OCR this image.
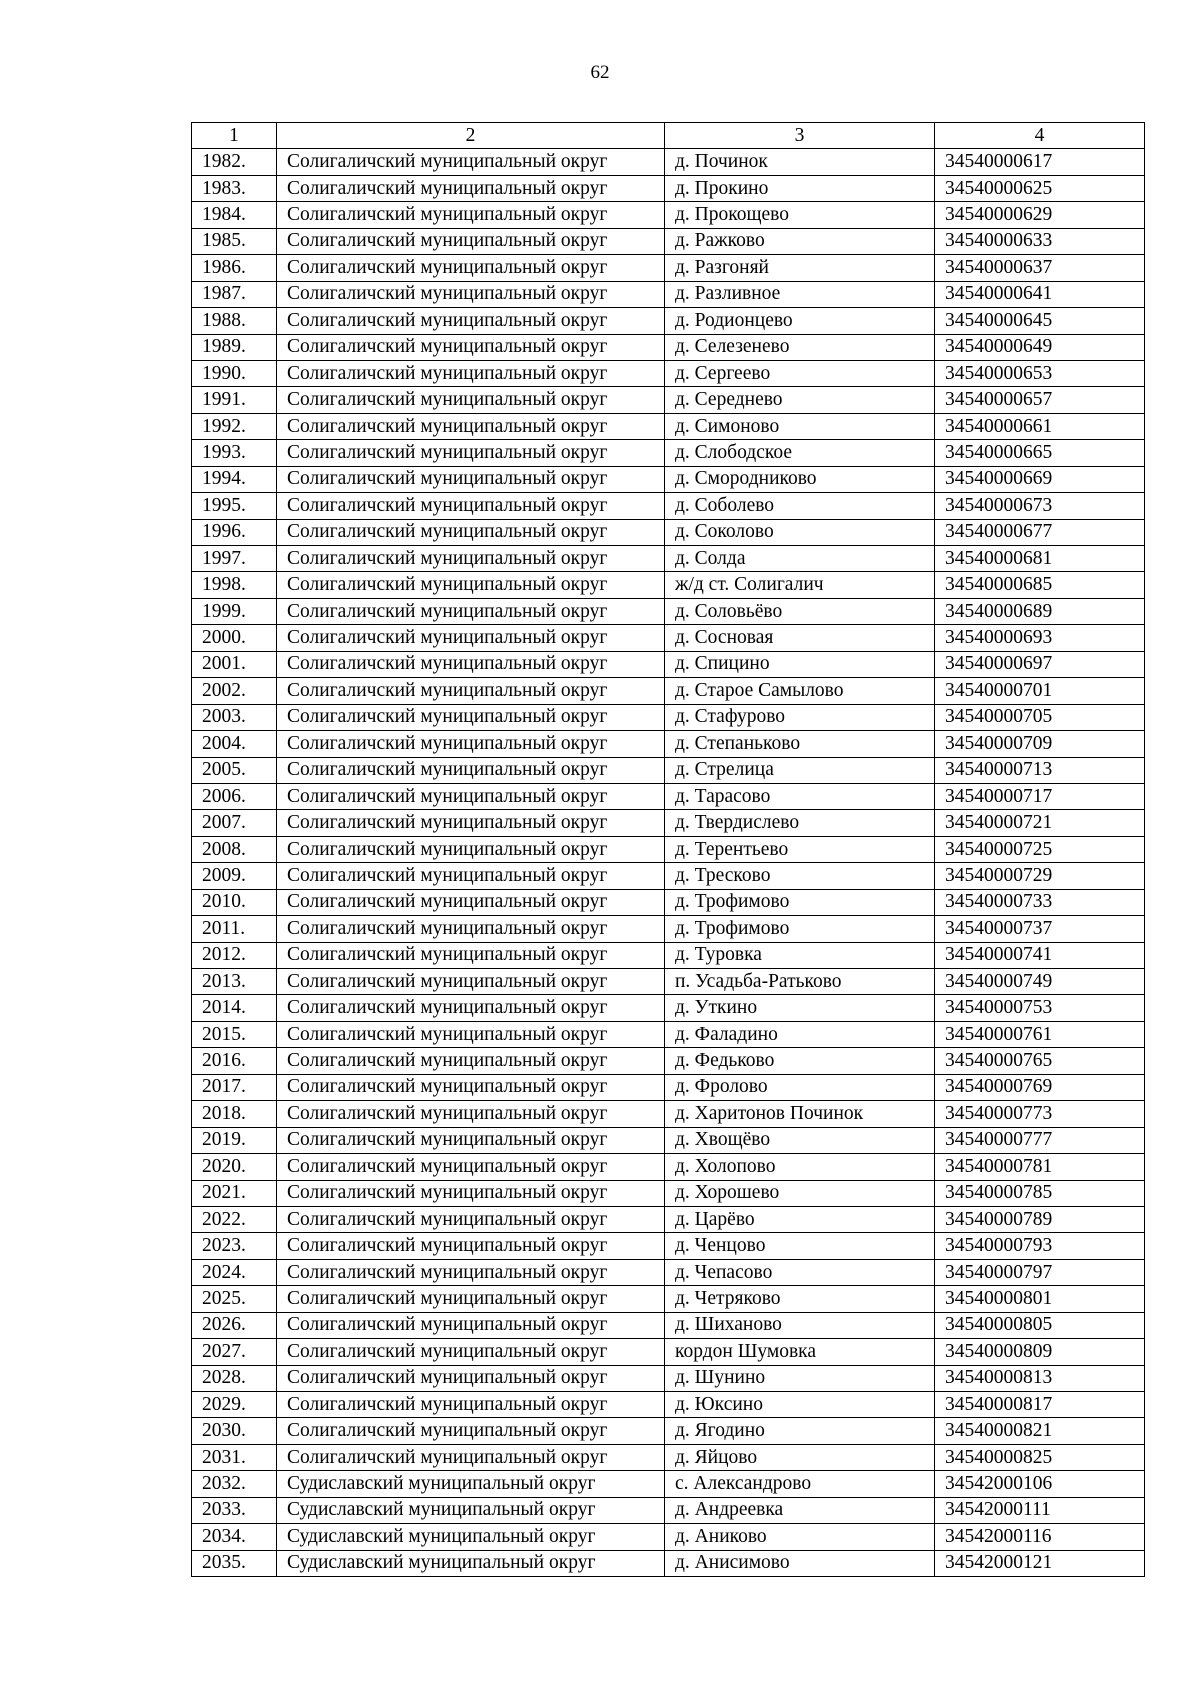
62
1	2	3	4
1982.	Солигаличский муниципальный округ	д. Починок	34540000617
1983.	Солигаличский муниципальный округ	д. Прокино	34540000625
1984.	Солигаличский муниципальный округ	д. Прокощево	34540000629
1985.	Солигаличский муниципальный округ	д. Ражково	34540000633
1986.	Солигаличский муниципальный округ	д. Разгоняй	34540000637
1987.	Солигаличский муниципальный округ	д. Разливное	34540000641
1988.	Солигаличский муниципальный округ	д. Родионцево	34540000645
1989.	Солигаличский муниципальный округ	д. Селезенево	34540000649
1990.	Солигаличский муниципальный округ	д. Сергеево	34540000653
1991.	Солигаличский муниципальный округ	д. Середнево	34540000657
1992.	Солигаличский муниципальный округ	д. Симоново	34540000661
1993.	Солигаличский муниципальный округ	д. Слободское	34540000665
1994.	Солигаличский муниципальный округ	д. Смородниково	34540000669
1995.	Солигаличский муниципальный округ	д. Соболево	34540000673
1996.	Солигаличский муниципальный округ	д. Соколово	34540000677
1997.	Солигаличский муниципальный округ	д. Солда	34540000681
1998.	Солигаличский муниципальный округ	ж/д ст. Солигалич	34540000685
1999.	Солигаличский муниципальный округ	д. Соловьёво	34540000689
2000.	Солигаличский муниципальный округ	д. Сосновая	34540000693
2001.	Солигаличский муниципальный округ	д. Спицино	34540000697
2002.	Солигаличский муниципальный округ	д. Старое Самылово	34540000701
2003.	Солигаличский муниципальный округ	д. Стафурово	34540000705
2004.	Солигаличский муниципальный округ	д. Степаньково	34540000709
2005.	Солигаличский муниципальный округ	д. Стрелица	34540000713
2006.	Солигаличский муниципальный округ	д. Тарасово	34540000717
2007.	Солигаличский муниципальный округ	д. Твердислево	34540000721
2008.	Солигаличский муниципальный округ	д. Терентьево	34540000725
2009.	Солигаличский муниципальный округ	д. Тресково	34540000729
2010.	Солигаличский муниципальный округ	д. Трофимово	34540000733
2011.	Солигаличский муниципальный округ	д. Трофимово	34540000737
2012.	Солигаличский муниципальный округ	д. Туровка	34540000741
2013.	Солигаличский муниципальный округ	п. Усадьба-Ратьково	34540000749
2014.	Солигаличский муниципальный округ	д. Уткино	34540000753
2015.	Солигаличский муниципальный округ	д. Фаладино	34540000761
2016.	Солигаличский муниципальный округ	д. Федьково	34540000765
2017.	Солигаличский муниципальный округ	д. Фролово	34540000769
2018.	Солигаличский муниципальный округ	д. Харитонов Починок	34540000773
2019.	Солигаличский муниципальный округ	д. Хвощёво	34540000777
2020.	Солигаличский муниципальный округ	д. Холопово	34540000781
2021.	Солигаличский муниципальный округ	д. Хорошево	34540000785
2022.	Солигаличский муниципальный округ	д. Царёво	34540000789
2023.	Солигаличский муниципальный округ	д. Ченцово	34540000793
2024.	Солигаличский муниципальный округ	д. Чепасово	34540000797
2025.	Солигаличский муниципальный округ	д. Четряково	34540000801
2026.	Солигаличский муниципальный округ	д. Шиханово	34540000805
2027.	Солигаличский муниципальный округ	кордон Шумовка	34540000809
2028.	Солигаличский муниципальный округ	д. Шунино	34540000813
2029.	Солигаличский муниципальный округ	д. Юксино	34540000817
2030.	Солигаличский муниципальный округ	д. Ягодино	34540000821
2031.	Солигаличский муниципальный округ	д. Яйцово	34540000825
2032.	Судиславский муниципальный округ	с. Александрово	34542000106
2033.	Судиславский муниципальный округ	д. Андреевка	34542000111
2034.	Судиславский муниципальный округ	д. Аниково	34542000116
2035.	Судиславский муниципальный округ	д. Анисимово	34542000121
